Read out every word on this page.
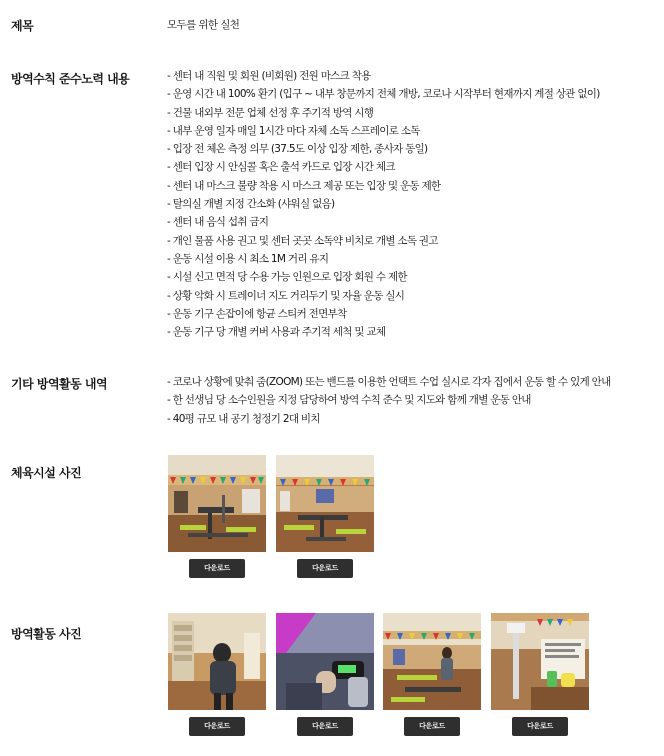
제목	모두를 위한 실천
방역수칙 준수노력 내용	- 센터 내 직원 및 회원 (비회원) 전원 마스크 착용
- 운영 시간 내 100% 환기 (입구 ~ 내부 창문까지 전체 개방, 코로나 시작부터 현재까지 계절 상관 없이)
- 건물 내외부 전문 업체 선정 후 주기적 방역 시행
- 내부 운영 일자 매일 1시간 마다 자체 소독 스프레이로 소독
- 입장 전 체온 측정 의무 (37.5도 이상 입장 제한, 종사자 동일)
- 센터 입장 시 안심콜 혹은 출석 카드로 입장 시간 체크
- 센터 내 마스크 불량 착용 시 마스크 제공 또는 입장 및 운동 제한
- 탈의실 개별 지정 간소화 (샤워실 없음)
- 센터 내 음식 섭취 금지
- 개인 물품 사용 권고 및 센터 곳곳 소독약 비치로 개별 소독 권고
- 운동 시설 이용 시 최소 1M 거리 유지
- 시설 신고 면적 당 수용 가능 인원으로 입장 회원 수 제한
- 상황 악화 시 트레이너 지도 거리두기 및 자율 운동 실시
- 운동 기구 손잡이에 항균 스티커 전면부착
- 운동 기구 당 개별 커버 사용과 주기적 세척 및 교체
기타 방역활동 내역	- 코로나 상황에 맞춰 줌(ZOOM) 또는 밴드를 이용한 언택트 수업 실시로 각자 집에서 운동 할 수 있게 안내
- 한 선생님 당 소수인원을 지정 담당하여 방역 수칙 준수 및 지도와 함께 개별 운동 안내
- 40평 규모 내 공기 청정기 2대 비치
체육시설 사진
다운로드	다운로드
방역활동 사진
다운로드	다운로드	다운로드	다운로드
